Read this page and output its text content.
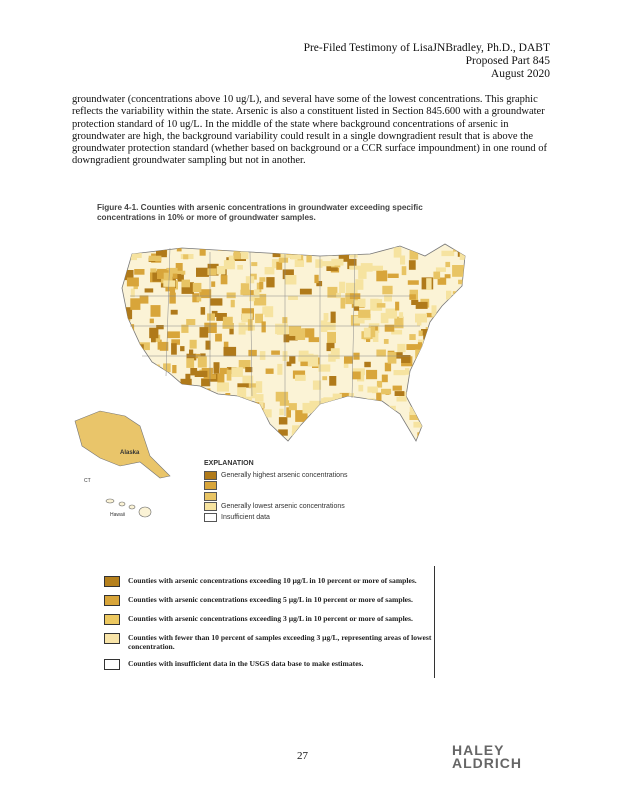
Pre-Filed Testimony of LisaJNBradley, Ph.D., DABT
Proposed Part 845
August 2020
groundwater (concentrations above 10 ug/L), and several have some of the lowest concentrations. This graphic reflects the variability within the state. Arsenic is also a constituent listed in Section 845.600 with a groundwater protection standard of 10 ug/L. In the middle of the state where background concentrations of arsenic in groundwater are high, the background variability could result in a single downgradient result that is above the groundwater protection standard (whether based on background or a CCR surface impoundment) in one round of downgradient groundwater sampling but not in another.
Figure 4-1. Counties with arsenic concentrations in groundwater exceeding specific concentrations in 10% or more of groundwater samples.
Alaska
Hawaii
CT
EXPLANATION
Generally highest arsenic concentrations
Generally lowest arsenic concentrations
Insufficient data
Counties with arsenic concentrations exceeding 10 µg/L in 10 percent or more of samples.
Counties with arsenic concentrations exceeding 5 µg/L in 10 percent or more of samples.
Counties with arsenic concentrations exceeding 3 µg/L in 10 percent or more of samples.
Counties with fewer than 10 percent of samples exceeding 3 µg/L, representing areas of lowest concentration.
Counties with insufficient data in the USGS data base to make estimates.
27	HALEY
ALDRICH
